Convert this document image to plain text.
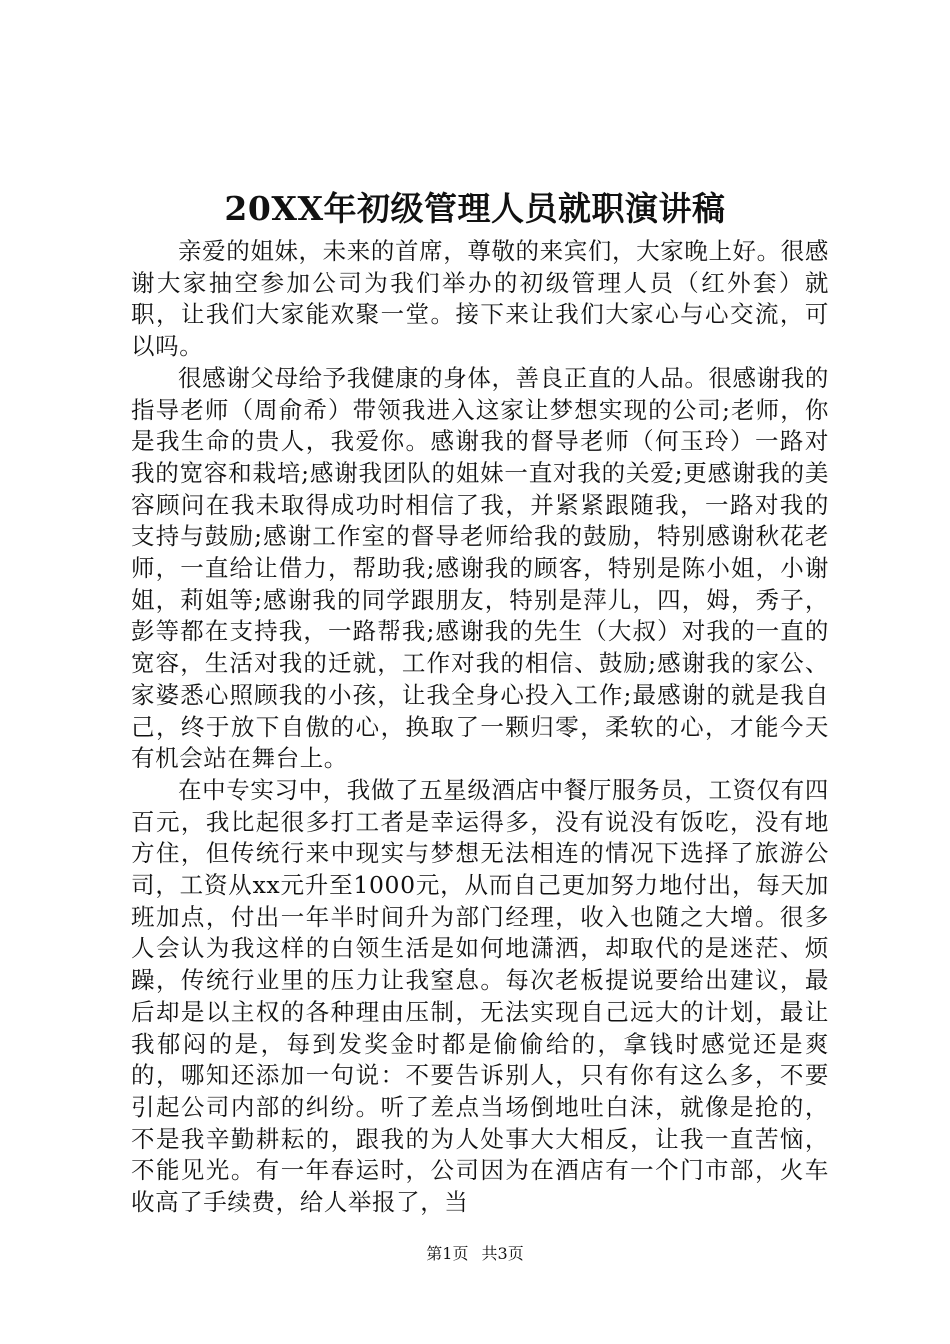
20XX年初级管理人员就职演讲稿

亲爱的姐妹，未来的首席，尊敬的来宾们，大家晚上好。很感谢大家抽空参加公司为我们举办的初级管理人员（红外套）就职，让我们大家能欢聚一堂。接下来让我们大家心与心交流，可以吗。

很感谢父母给予我健康的身体，善良正直的人品。很感谢我的指导老师（周俞希）带领我进入这家让梦想实现的公司;老师，你是我生命的贵人，我爱你。感谢我的督导老师（何玉玲）一路对我的宽容和栽培;感谢我团队的姐妹一直对我的关爱;更感谢我的美容顾问在我未取得成功时相信了我，并紧紧跟随我，一路对我的支持与鼓励;感谢工作室的督导老师给我的鼓励，特别感谢秋花老师，一直给让借力，帮助我;感谢我的顾客，特别是陈小姐，小谢姐，莉姐等;感谢我的同学跟朋友，特别是萍儿，四，姆，秀子，彭等都在支持我，一路帮我;感谢我的先生（大叔）对我的一直的宽容，生活对我的迁就，工作对我的相信、鼓励;感谢我的家公、家婆悉心照顾我的小孩，让我全身心投入工作;最感谢的就是我自己，终于放下自傲的心，换取了一颗归零，柔软的心，才能今天有机会站在舞台上。

在中专实习中，我做了五星级酒店中餐厅服务员，工资仅有四百元，我比起很多打工者是幸运得多，没有说没有饭吃，没有地方住，但传统行来中现实与梦想无法相连的情况下选择了旅游公司，工资从xx元升至1000元，从而自己更加努力地付出，每天加班加点，付出一年半时间升为部门经理，收入也随之大增。很多人会认为我这样的白领生活是如何地潇洒，却取代的是迷茫、烦躁，传统行业里的压力让我窒息。每次老板提说要给出建议，最后却是以主权的各种理由压制，无法实现自己远大的计划，最让我郁闷的是，每到发奖金时都是偷偷给的，拿钱时感觉还是爽的，哪知还添加一句说：不要告诉别人，只有你有这么多，不要引起公司内部的纠纷。听了差点当场倒地吐白沫，就像是抢的，不是我辛勤耕耘的，跟我的为人处事大大相反，让我一直苦恼，不能见光。有一年春运时，公司因为在酒店有一个门市部，火车收高了手续费，给人举报了，当

第1页 共3页
